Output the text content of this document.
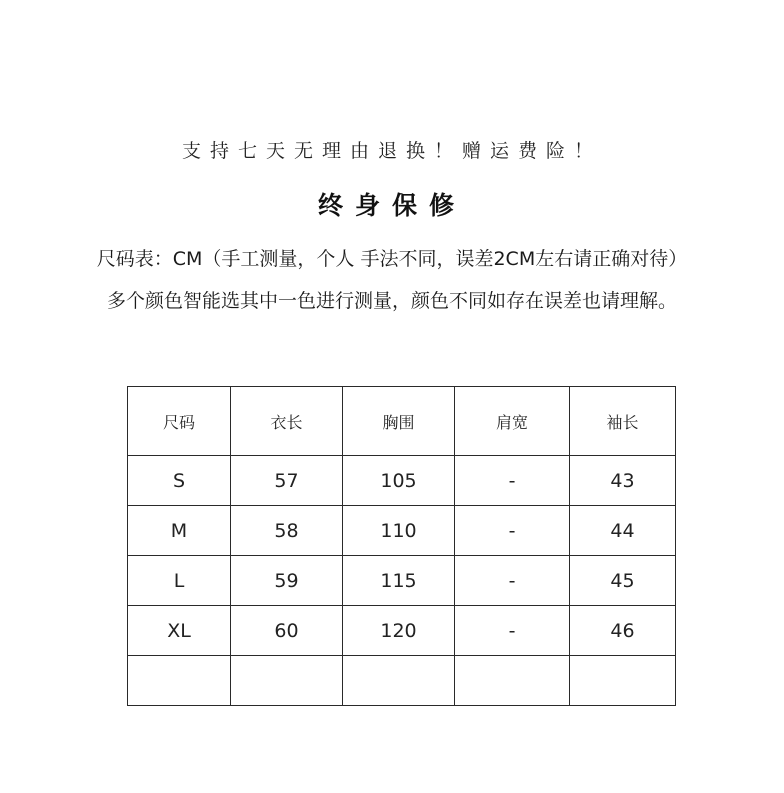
支持七天无理由退换！赠运费险！
终身保修
尺码表：CM（手工测量，个人 手法不同，误差2CM左右请正确对待）
多个颜色智能选其中一色进行测量，颜色不同如存在误差也请理解。
尺码	衣长	胸围	肩宽	袖长
S	57	105	-	43
M	58	110	-	44
L	59	115	-	45
XL	60	120	-	46
